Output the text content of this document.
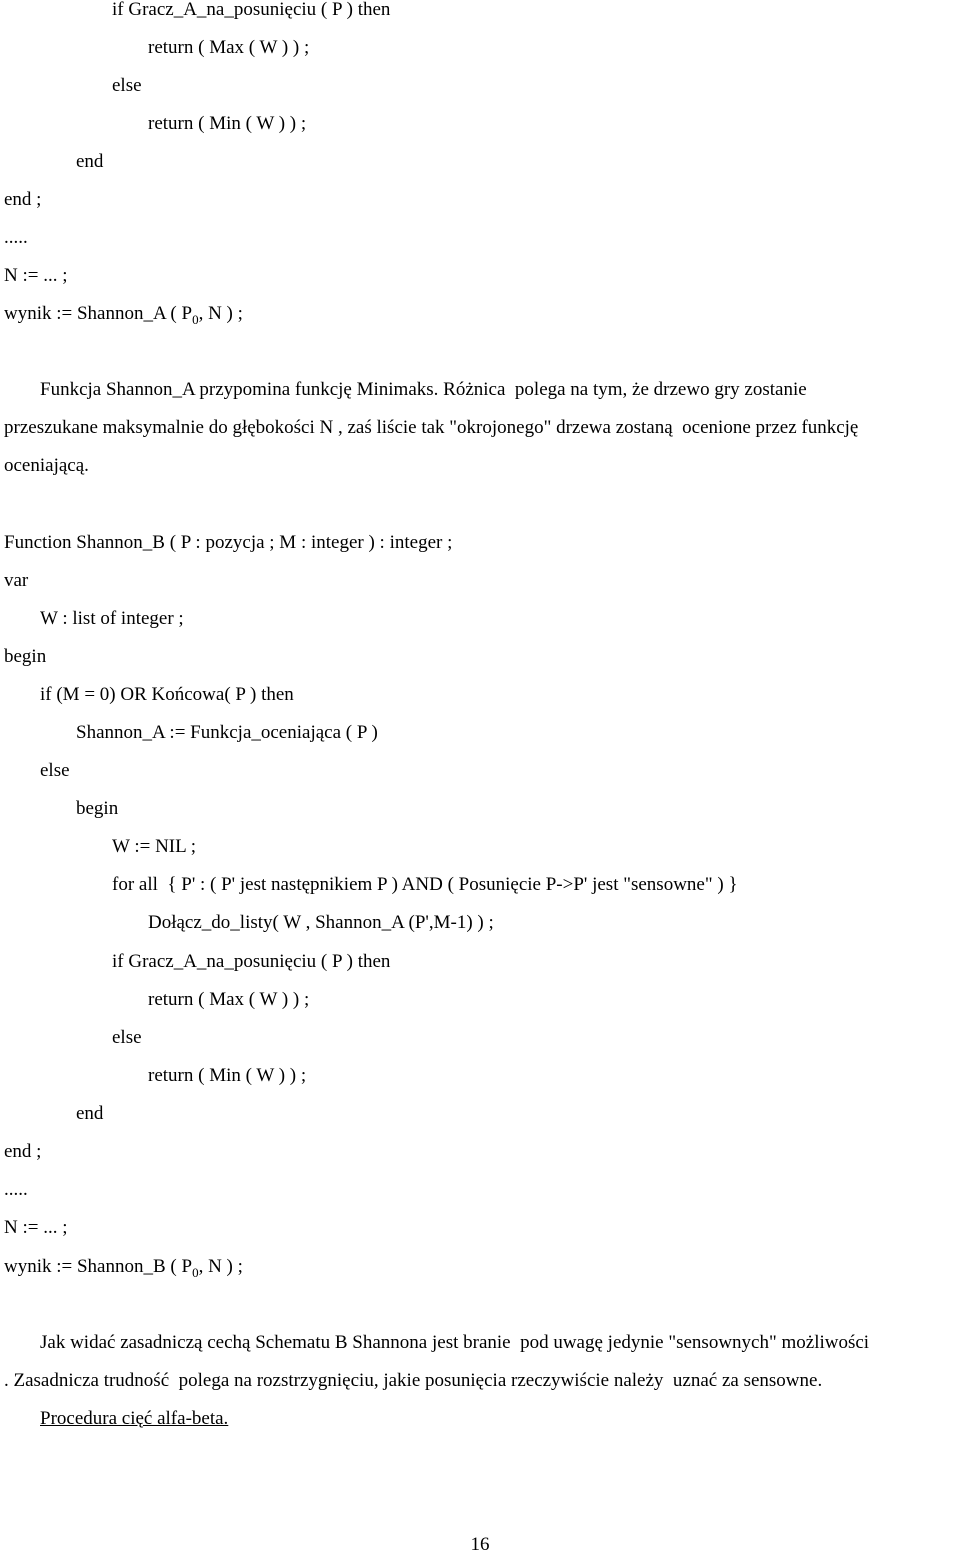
if Gracz_A_na_posunięciu ( P ) then
return ( Max ( W ) ) ;
else
return ( Min ( W ) ) ;
end
end ;
.....
N := ... ;
wynik := Shannon_A ( $P_0$, N ) ;
Funkcja Shannon_A przypomina funkcję Minimaks. Różnica  polega na tym, że drzewo gry zostanie
przeszukane maksymalnie do głębokości N , zaś liście tak "okrojonego" drzewa zostaną  ocenione przez funkcję
oceniającą.
Function Shannon_B ( P : pozycja ; M : integer ) : integer ;
var
W : list of integer ;
begin
if (M = 0) OR Końcowa( P ) then
Shannon_A := Funkcja_oceniająca ( P )
else
begin
W := NIL ;
for all  { P' : ( P' jest następnikiem P ) AND ( Posunięcie P->P' jest "sensowne" ) }
Dołącz_do_listy( W , Shannon_A (P',M-1) ) ;
if Gracz_A_na_posunięciu ( P ) then
return ( Max ( W ) ) ;
else
return ( Min ( W ) ) ;
end
end ;
.....
N := ... ;
wynik := Shannon_B ( $P_0$, N ) ;
Jak widać zasadniczą cechą Schematu B Shannona jest branie  pod uwagę jedynie "sensownych" możliwości
. Zasadnicza trudność  polega na rozstrzygnięciu, jakie posunięcia rzeczywiście należy  uznać za sensowne.
Procedura cięć alfa-beta.
16
